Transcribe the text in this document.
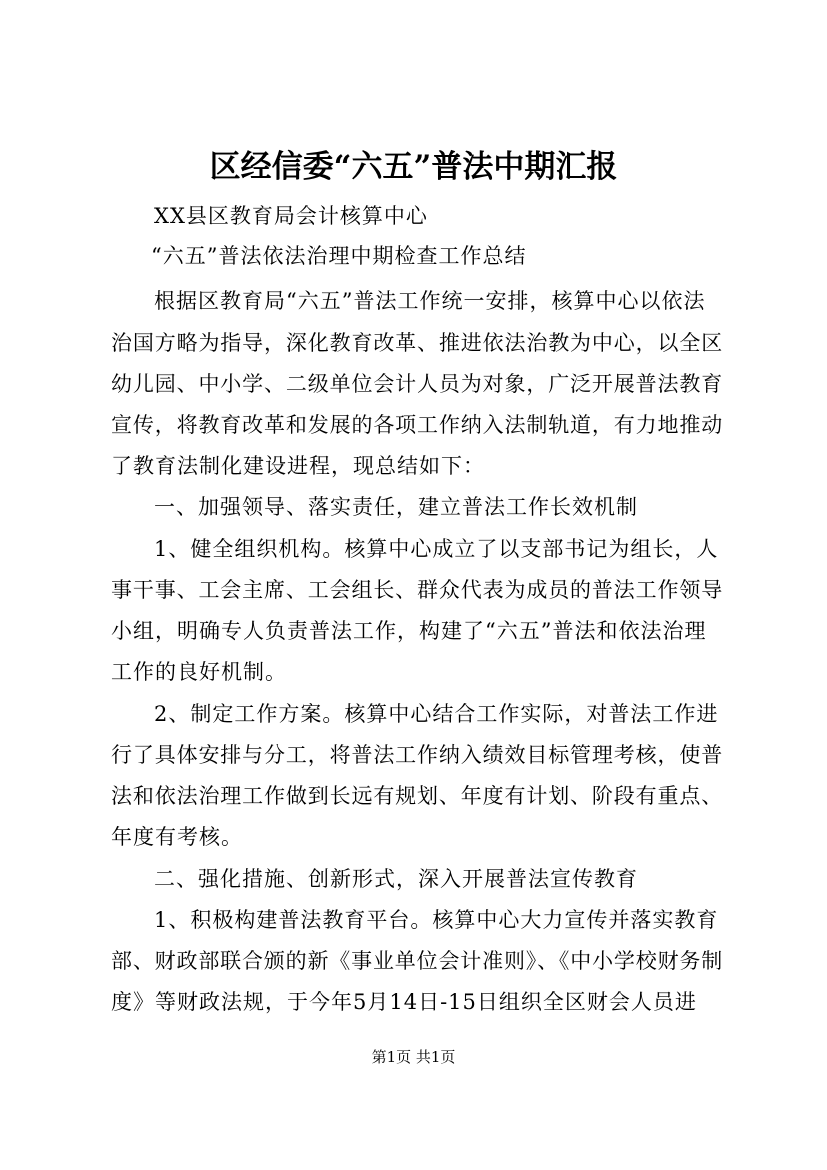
区经信委“六五”普法中期汇报
XX县区教育局会计核算中心
“六五”普法依法治理中期检查工作总结
根据区教育局“六五”普法工作统一安排，核算中心以依法
治国方略为指导，深化教育改革、推进依法治教为中心，以全区
幼儿园、中小学、二级单位会计人员为对象，广泛开展普法教育
宣传，将教育改革和发展的各项工作纳入法制轨道，有力地推动
了教育法制化建设进程，现总结如下：
一、加强领导、落实责任，建立普法工作长效机制
1、健全组织机构。核算中心成立了以支部书记为组长，人
事干事、工会主席、工会组长、群众代表为成员的普法工作领导
小组，明确专人负责普法工作，构建了“六五”普法和依法治理
工作的良好机制。
2、制定工作方案。核算中心结合工作实际，对普法工作进
行了具体安排与分工，将普法工作纳入绩效目标管理考核，使普
法和依法治理工作做到长远有规划、年度有计划、阶段有重点、
年度有考核。
二、强化措施、创新形式，深入开展普法宣传教育
1、积极构建普法教育平台。核算中心大力宣传并落实教育
部、财政部联合颁的新《事业单位会计准则》、《中小学校财务制
度》等财政法规，于今年5月14日-15日组织全区财会人员进
第1页 共1页
